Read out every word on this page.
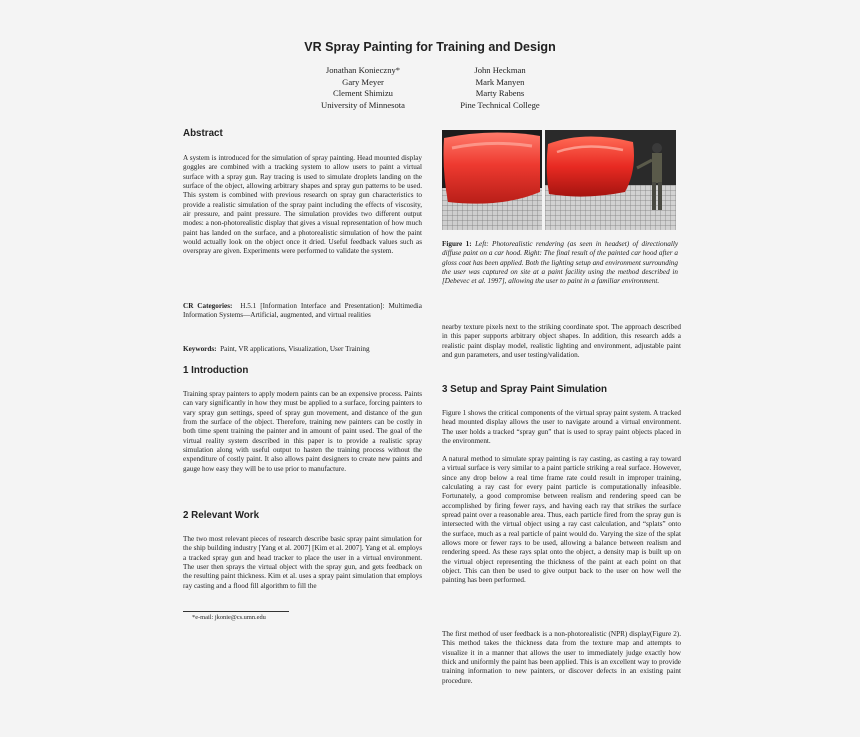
VR Spray Painting for Training and Design
Jonathan Konieczny*
Gary Meyer
Clement Shimizu
University of Minnesota
John Heckman
Mark Manyen
Marty Rabens
Pine Technical College
Abstract

A system is introduced for the simulation of spray painting. Head mounted display goggles are combined with a tracking system to allow users to paint a virtual surface with a spray gun. Ray tracing is used to simulate droplets landing on the surface of the object, allowing arbitrary shapes and spray gun patterns to be used. This system is combined with previous research on spray gun characteristics to provide a realistic simulation of the spray paint including the effects of viscosity, air pressure, and paint pressure. The simulation provides two different output modes: a non-photorealistic display that gives a visual representation of how much paint has landed on the surface, and a photorealistic simulation of how the paint would actually look on the object once it dried. Useful feedback values such as overspray are given. Experiments were performed to validate the system.

CR Categories: H.5.1 [Information Interface and Presentation]: Multimedia Information Systems—Artificial, augmented, and virtual realities

Keywords: Paint, VR applications, Visualization, User Training

1 Introduction

Training spray painters to apply modern paints can be an expensive process. Paints can vary significantly in how they must be applied to a surface, forcing painters to vary spray gun settings, speed of spray gun movement, and distance of the gun from the surface of the object. Therefore, training new painters can be costly in both time spent training the painter and in amount of paint used. The goal of the virtual reality system described in this paper is to provide a realistic spray simulation along with useful output to hasten the training process without the expenditure of costly paint. It also allows paint designers to create new paints and gauge how easy they will be to use prior to manufacture.

2 Relevant Work

The two most relevant pieces of research describe basic spray paint simulation for the ship building industry [Yang et al. 2007] [Kim et al. 2007]. Yang et al. employs a tracked spray gun and head tracker to place the user in a virtual environment. The user then sprays the virtual object with the spray gun, and gets feedback on the resulting paint thickness. Kim et al. uses a spray paint simulation that employs ray casting and a flood fill algorithm to fill the

*e-mail: jkonie@cs.umn.edu
Figure 1: Left: Photorealistic rendering (as seen in headset) of directionally diffuse paint on a car hood. Right: The final result of the painted car hood after a gloss coat has been applied. Both the lighting setup and environment surrounding the user was captured on site at a paint facility using the method described in [Debevec et al. 1997], allowing the user to paint in a familiar environment.

nearby texture pixels next to the striking coordinate spot. The approach described in this paper supports arbitrary object shapes. In addition, this research adds a realistic paint display model, realistic lighting and environment, adjustable paint and gun parameters, and user testing/validation.

3 Setup and Spray Paint Simulation

Figure 1 shows the critical components of the virtual spray paint system. A tracked head mounted display allows the user to navigate around a virtual environment. The user holds a tracked “spray gun” that is used to spray paint objects placed in the environment.

A natural method to simulate spray painting is ray casting, as casting a ray toward a virtual surface is very similar to a paint particle striking a real surface. However, since any drop below a real time frame rate could result in improper training, calculating a ray cast for every paint particle is computationally infeasible. Fortunately, a good compromise between realism and rendering speed can be accomplished by firing fewer rays, and having each ray that strikes the surface spread paint over a reasonable area. Thus, each particle fired from the spray gun is intersected with the virtual object using a ray cast calculation, and “splats” onto the surface, much as a real particle of paint would do. Varying the size of the splat allows more or fewer rays to be used, allowing a balance between realism and rendering speed. As these rays splat onto the object, a density map is built up on the virtual object representing the thickness of the paint at each point on that object. This can then be used to give output back to the user on how well the painting has been performed.

The first method of user feedback is a non-photorealistic (NPR) display(Figure 2). This method takes the thickness data from the texture map and attempts to visualize it in a manner that allows the user to immediately judge exactly how thick and uniformly the paint has been applied. This is an excellent way to provide training information to new painters, or discover defects in an existing paint procedure.
